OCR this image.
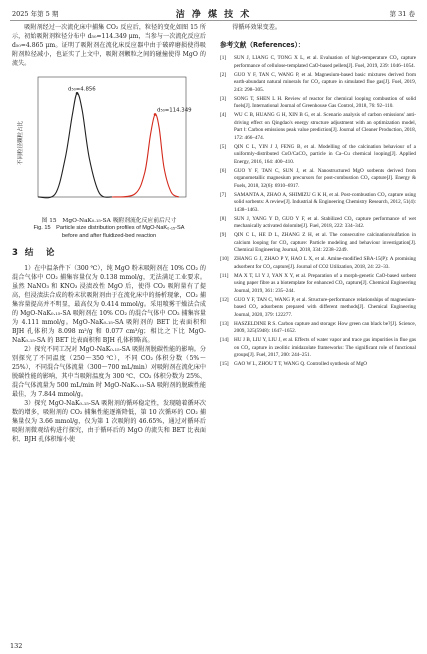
2025 年第 5 期	洁 净 煤 技 术	第 31 卷

吸附剂经过一次流化床中捕集 CO₂ 反应后，粒径的变化如图 15 所示，初始吸附剂粒径分布中 d₅₀=114.349 μm，当参与一次流化反应后 d₅₀=4.865 μm。证明了吸附剂在流化床反应器中由于破碎磨损使得吸附剂粒径减小，也证实了上文中，吸附剂颗粒之间的碰撞使得 MgO 的流失。

不同粒径颗粒占比
d₅₀=4.856
d₅₀=114.349
图 15　MgO-NaK₀.₁₅-SA 吸附剂流化反应前后尺寸
Fig. 15　Particle size distribution profiles of MgO-NaK₀.₁₅-SA
before and after fluidized-bed reaction
3 结　论

1）在中温条件下（300 ℃），纯 MgO 粉末吸附剂在 10% CO₂ 的混合气体中 CO₂ 捕集容量仅为 0.138 mmol/g，无法满足工业要求。虽然 NaNO₃ 和 KNO₃ 浸渍改性 MgO 后，使得 CO₂ 吸附量有了提高，但浸渍法合成的粉末状吸附剂由于在流化床中的扬析现象，CO₂ 捕集容量提高并不明显，最高仅为 0.414 mmol/g。采用喷雾干燥法合成的 MgO-NaK₀.₁₅-SA 吸附剂在 10% CO₂ 的混合气体中 CO₂ 捕集容量为 4.111 mmol/g。MgO-NaK₀.₁₅-SA 吸附剂的 BET 比表面积和 BJH 孔体积为 8.098 m²/g 和 0.077 cm³/g；相比之下比 MgO-NaK₀.₁₅-SA 的 BET 比表面积和 BJH 孔体积略高。

2）探究不同工况对 MgO-NaK₀.₁₅-SA 吸附剂脱碳性能的影响。分别探究了不同温度（250～350 ℃），不同 CO₂ 体积分数（5%～25%），不同混合气体流量（300～700 mL/min）对吸附剂在流化床中脱碳性能的影响，其中当吸附温度为 300 ℃、CO₂ 体积分数为 25%、混合气体流量为 500 mL/min 时 MgO-NaK₀.₁₅-SA 吸附剂的脱碳性能最佳，为 7.844 mmol/g。

3）探究 MgO-NaK₀.₁₅-SA 吸附剂的循环稳定性，发现随着循环次数的增多，吸附剂的 CO₂ 捕集性能逐渐降低，第 10 次循环的 CO₂ 捕集量仅为 3.66 mmol/g，仅为第 1 次吸附的 46.65%，通过对循环后吸附剂微观结构进行探究，由于循环后的 MgO 的流失和 BET 比表面积、BJH 孔体积缩小使

得循环效果变差。

参考文献（References）：
[1] SUN J, LIANG C, TONG X L, et al. Evaluation of high-temperature CO₂ capture performance of cellulose-templated CaO-based pellets[J]. Fuel, 2019, 239: 1046–1054.
[2] GUO Y F, TAN C, WANG P, et al. Magnesium-based basic mixtures derived from earth-abundant natural minerals for CO₂ capture in simulated flue gas[J]. Fuel, 2019, 243: 298–305.
[3] SONG T, SHEN L H. Review of reactor for chemical looping combustion of solid fuels[J]. International Journal of Greenhouse Gas Control, 2018, 76: 92–110.
[4] WU C B, HUANG G H, XIN B G, et al. Scenario analysis of carbon emissions' anti-driving effect on Qingdao's energy structure adjustment with an optimization model, Part Ⅰ: Carbon emissions peak value prediction[J]. Journal of Cleaner Production, 2018, 172: 466–474.
[5] QIN C L, YIN J J, FENG B, et al. Modelling of the calcination behaviour of a uniformly-distributed CuO/CaCO₃ particle in Ca–Cu chemical looping[J]. Applied Energy, 2016, 164: 400–410.
[6] GUO Y F, TAN C, SUN J, et al. Nanostructured MgO sorbents derived from organometallic magnesium precursors for post-combustion CO₂ capture[J]. Energy & Fuels, 2018, 32(6): 6910–6917.
[7] SAMANTA A, ZHAO A, SHIMIZU G K H, et al. Post-combustion CO₂ capture using solid sorbents: A review[J]. Industrial & Engineering Chemistry Research, 2012, 51(4): 1438–1463.
[8] SUN J, YANG Y D, GUO Y F, et al. Stabilized CO₂ capture performance of wet mechanically activated dolomite[J]. Fuel, 2018, 222: 334–342.
[9] QIN C L, HE D L, ZHANG Z H, et al. The consecutive calcination/sulfation in calcium looping for CO₂ capture: Particle modeling and behaviour investigation[J]. Chemical Engineering Journal, 2018, 334: 2238–2249.
[10] ZHANG G J, ZHAO P Y, HAO L X, et al. Amine-modified SBA-15(P): A promising adsorbent for CO₂ capture[J]. Journal of CO2 Utilization, 2018, 24: 22–33.
[11] MA X T, LI Y J, YAN X Y, et al. Preparation of a morph-genetic CaO-based sorbent using paper fibre as a biotemplate for enhanced CO₂ capture[J]. Chemical Engineering Journal, 2019, 361: 235–244.
[12] GUO Y F, TAN C, WANG P, et al. Structure-performance relationships of magnesium-based CO₂ adsorbents prepared with different methods[J]. Chemical Engineering Journal, 2020, 379: 122277.
[13] HASZELDINE R S. Carbon capture and storage: How green can black be?[J]. Science, 2009, 325(5948): 1647–1652.
[14] HU J B, LIU Y, LIU J, et al. Effects of water vapor and trace gas impurities in flue gas on CO₂ capture in zeolitic imidazolate frameworks: The significant role of functional groups[J]. Fuel, 2017, 200: 244–251.
[15] GAO W L, ZHOU T T, WANG Q. Controlled synthesis of MgO
132
